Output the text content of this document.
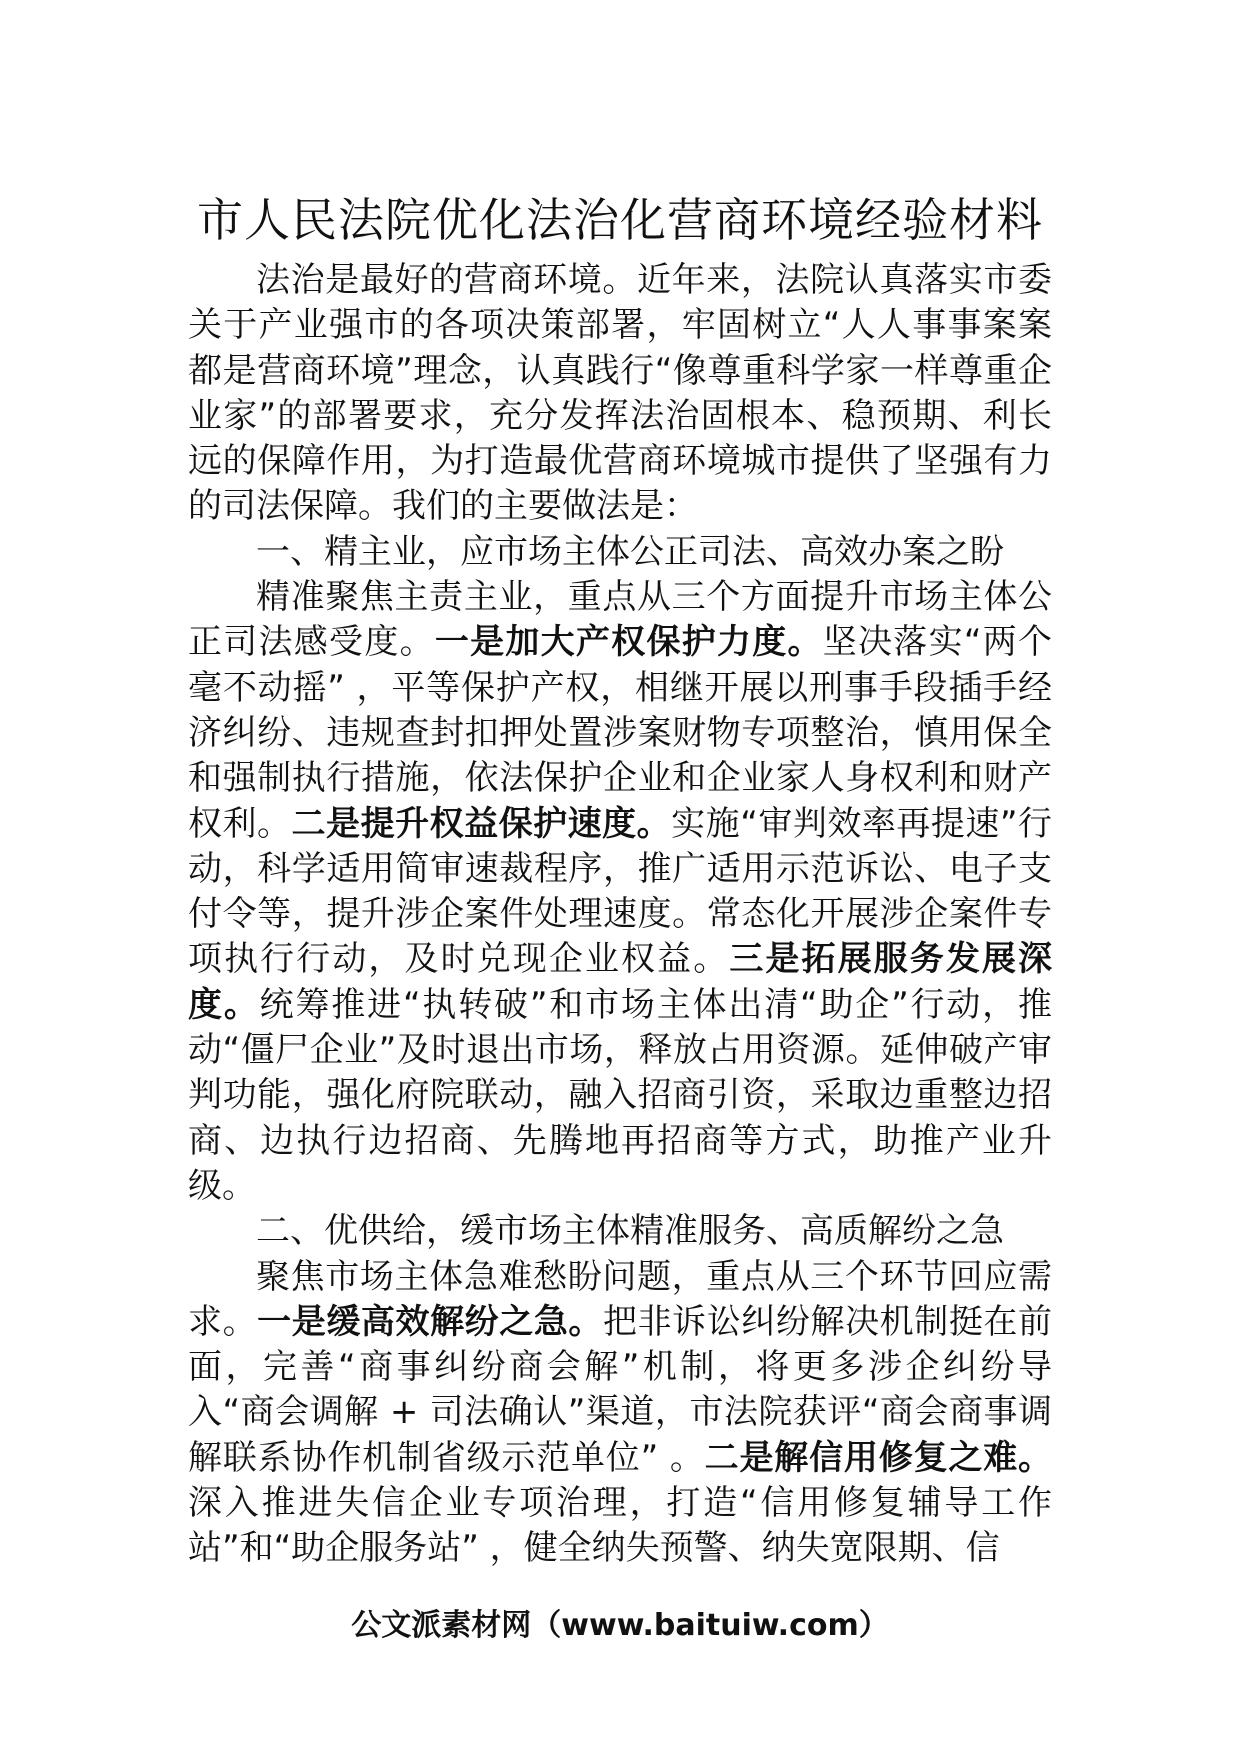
市人民法院优化法治化营商环境经验材料

法治是最好的营商环境。近年来，法院认真落实市委关于产业强市的各项决策部署，牢固树立“人人事事案案都是营商环境”理念，认真践行“像尊重科学家一样尊重企业家”的部署要求，充分发挥法治固根本、稳预期、利长远的保障作用，为打造最优营商环境城市提供了坚强有力的司法保障。我们的主要做法是：

一、精主业，应市场主体公正司法、高效办案之盼

精准聚焦主责主业，重点从三个方面提升市场主体公正司法感受度。一是加大产权保护力度。坚决落实“两个毫不动摇” ，平等保护产权，相继开展以刑事手段插手经济纠纷、违规查封扣押处置涉案财物专项整治，慎用保全和强制执行措施，依法保护企业和企业家人身权利和财产权利。二是提升权益保护速度。实施“审判效率再提速”行动，科学适用简审速裁程序，推广适用示范诉讼、电子支付令等，提升涉企案件处理速度。常态化开展涉企案件专项执行行动，及时兑现企业权益。三是拓展服务发展深度。统筹推进“执转破”和市场主体出清“助企”行动，推动“僵尸企业”及时退出市场，释放占用资源。延伸破产审判功能，强化府院联动，融入招商引资，采取边重整边招商、边执行边招商、先腾地再招商等方式，助推产业升级。

二、优供给，缓市场主体精准服务、高质解纷之急

聚焦市场主体急难愁盼问题，重点从三个环节回应需求。一是缓高效解纷之急。把非诉讼纠纷解决机制挺在前面，完善“商事纠纷商会解”机制，将更多涉企纠纷导入“商会调解 + 司法确认”渠道，市法院获评“商会商事调解联系协作机制省级示范单位” 。二是解信用修复之难。深入推进失信企业专项治理，打造“信用修复辅导工作站”和“助企服务站” ，健全纳失预警、纳失宽限期、信

公文派素材网（www.baituiw.com）
